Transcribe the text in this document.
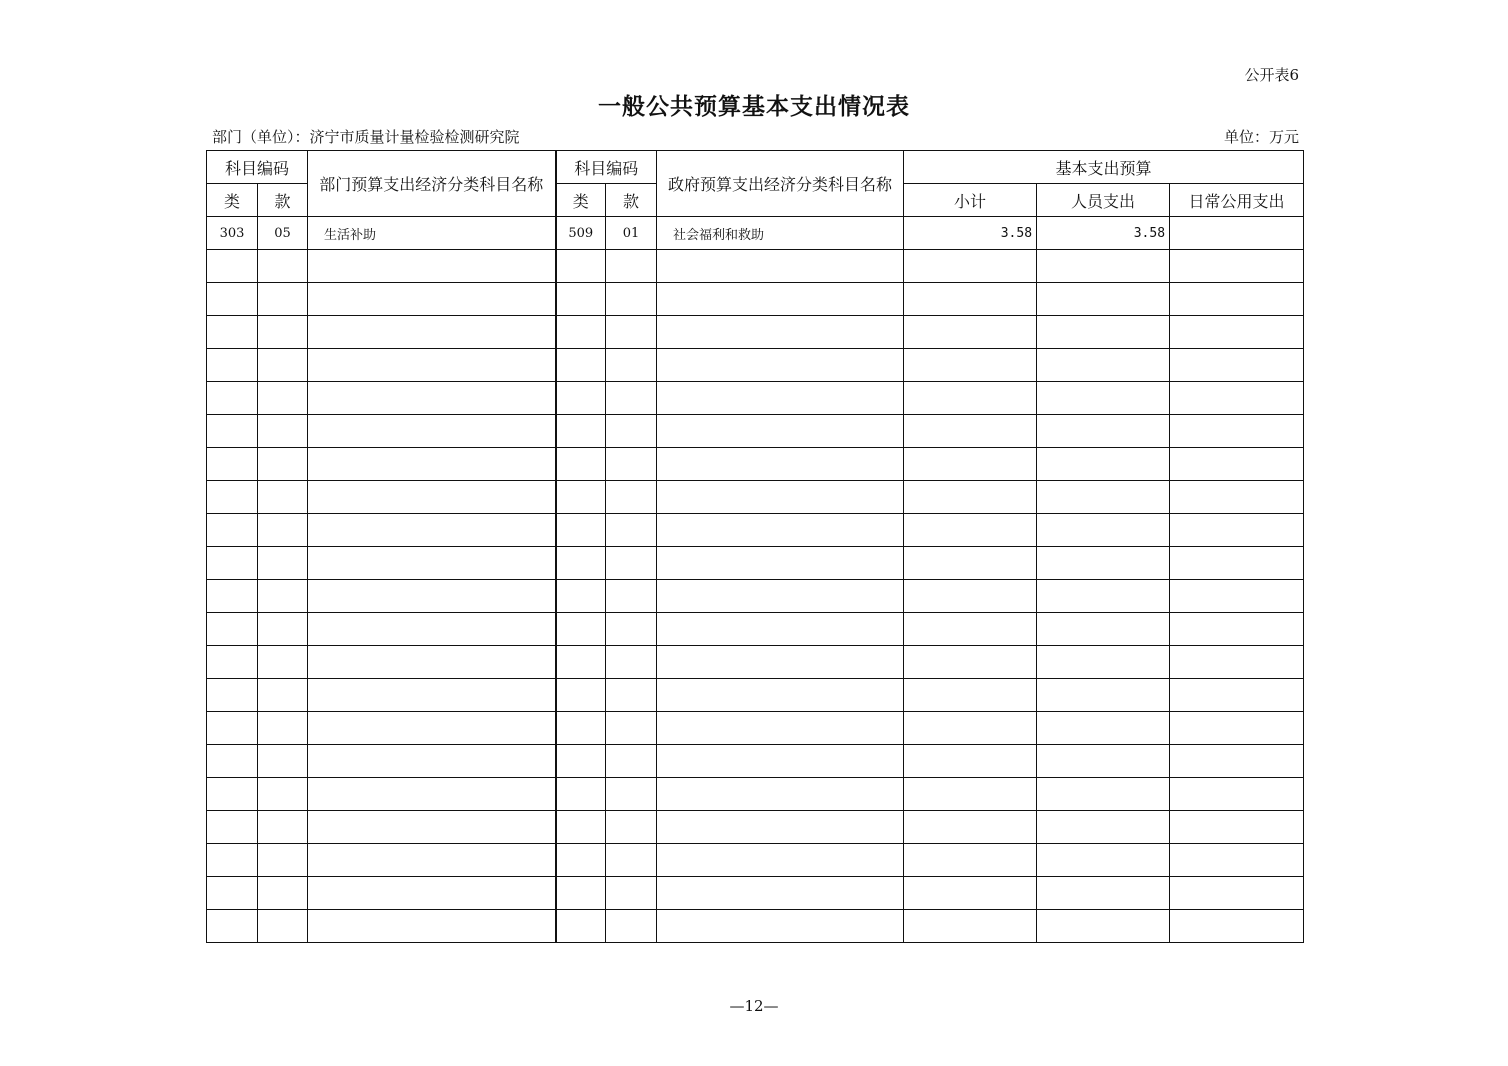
公开表6
一般公共预算基本支出情况表
部门（单位）：济宁市质量计量检验检测研究院	单位：万元
科目编码		部门预算支出经济分类科目名称	科目编码		政府预算支出经济分类科目名称	基本支出预算		
类	款		类	款		小计	人员支出	日常公用支出
303	05	生活补助	509	01	社会福利和救助	3.58	3.58	

—12—
